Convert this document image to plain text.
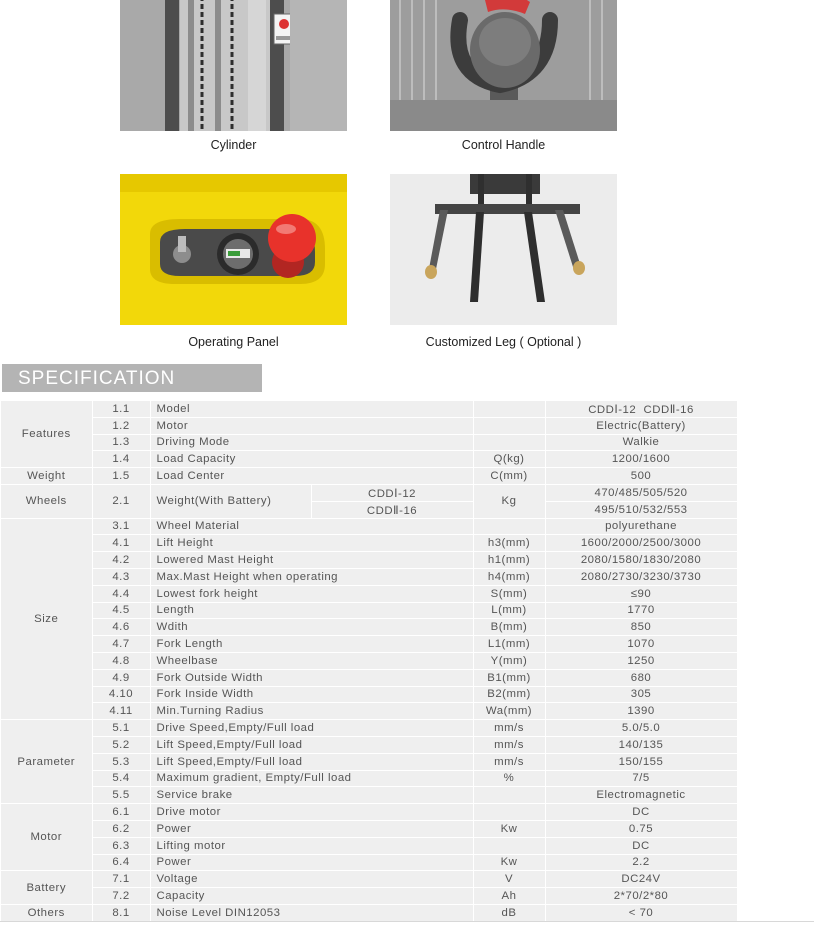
Cylinder	Control Handle
Operating Panel	Customized Leg ( Optional )
SPECIFICATION
Features	1.1	Model			CDDⅠ-12  CDDⅡ-16
	1.2	Motor			Electric(Battery)
	1.3	Driving Mode			Walkie
	1.4	Load Capacity		Q(kg)	1200/1600
Weight	1.5	Load Center		C(mm)	500
Wheels	2.1	Weight(With Battery)	CDDⅠ-12	Kg	470/485/505/520
			CDDⅡ-16		495/510/532/553
Size	3.1	Wheel Material			polyurethane
	4.1	Lift Height		h3(mm)	1600/2000/2500/3000
	4.2	Lowered Mast Height		h1(mm)	2080/1580/1830/2080
	4.3	Max.Mast Height when operating		h4(mm)	2080/2730/3230/3730
	4.4	Lowest fork height		S(mm)	≤90
	4.5	Length		L(mm)	1770
	4.6	Wdith		B(mm)	850
	4.7	Fork Length		L1(mm)	1070
	4.8	Wheelbase		Y(mm)	1250
	4.9	Fork Outside Width		B1(mm)	680
	4.10	Fork Inside Width		B2(mm)	305
	4.11	Min.Turning Radius		Wa(mm)	1390
Parameter	5.1	Drive Speed,Empty/Full load		mm/s	5.0/5.0
	5.2	Lift Speed,Empty/Full load		mm/s	140/135
	5.3	Lift Speed,Empty/Full load		mm/s	150/155
	5.4	Maximum gradient, Empty/Full load		%	7/5
	5.5	Service brake			Electromagnetic
Motor	6.1	Drive motor			DC
	6.2	Power		Kw	0.75
	6.3	Lifting motor			DC
	6.4	Power		Kw	2.2
Battery	7.1	Voltage		V	DC24V
	7.2	Capacity		Ah	2*70/2*80
Others	8.1	Noise Level DIN12053		dB	< 70
